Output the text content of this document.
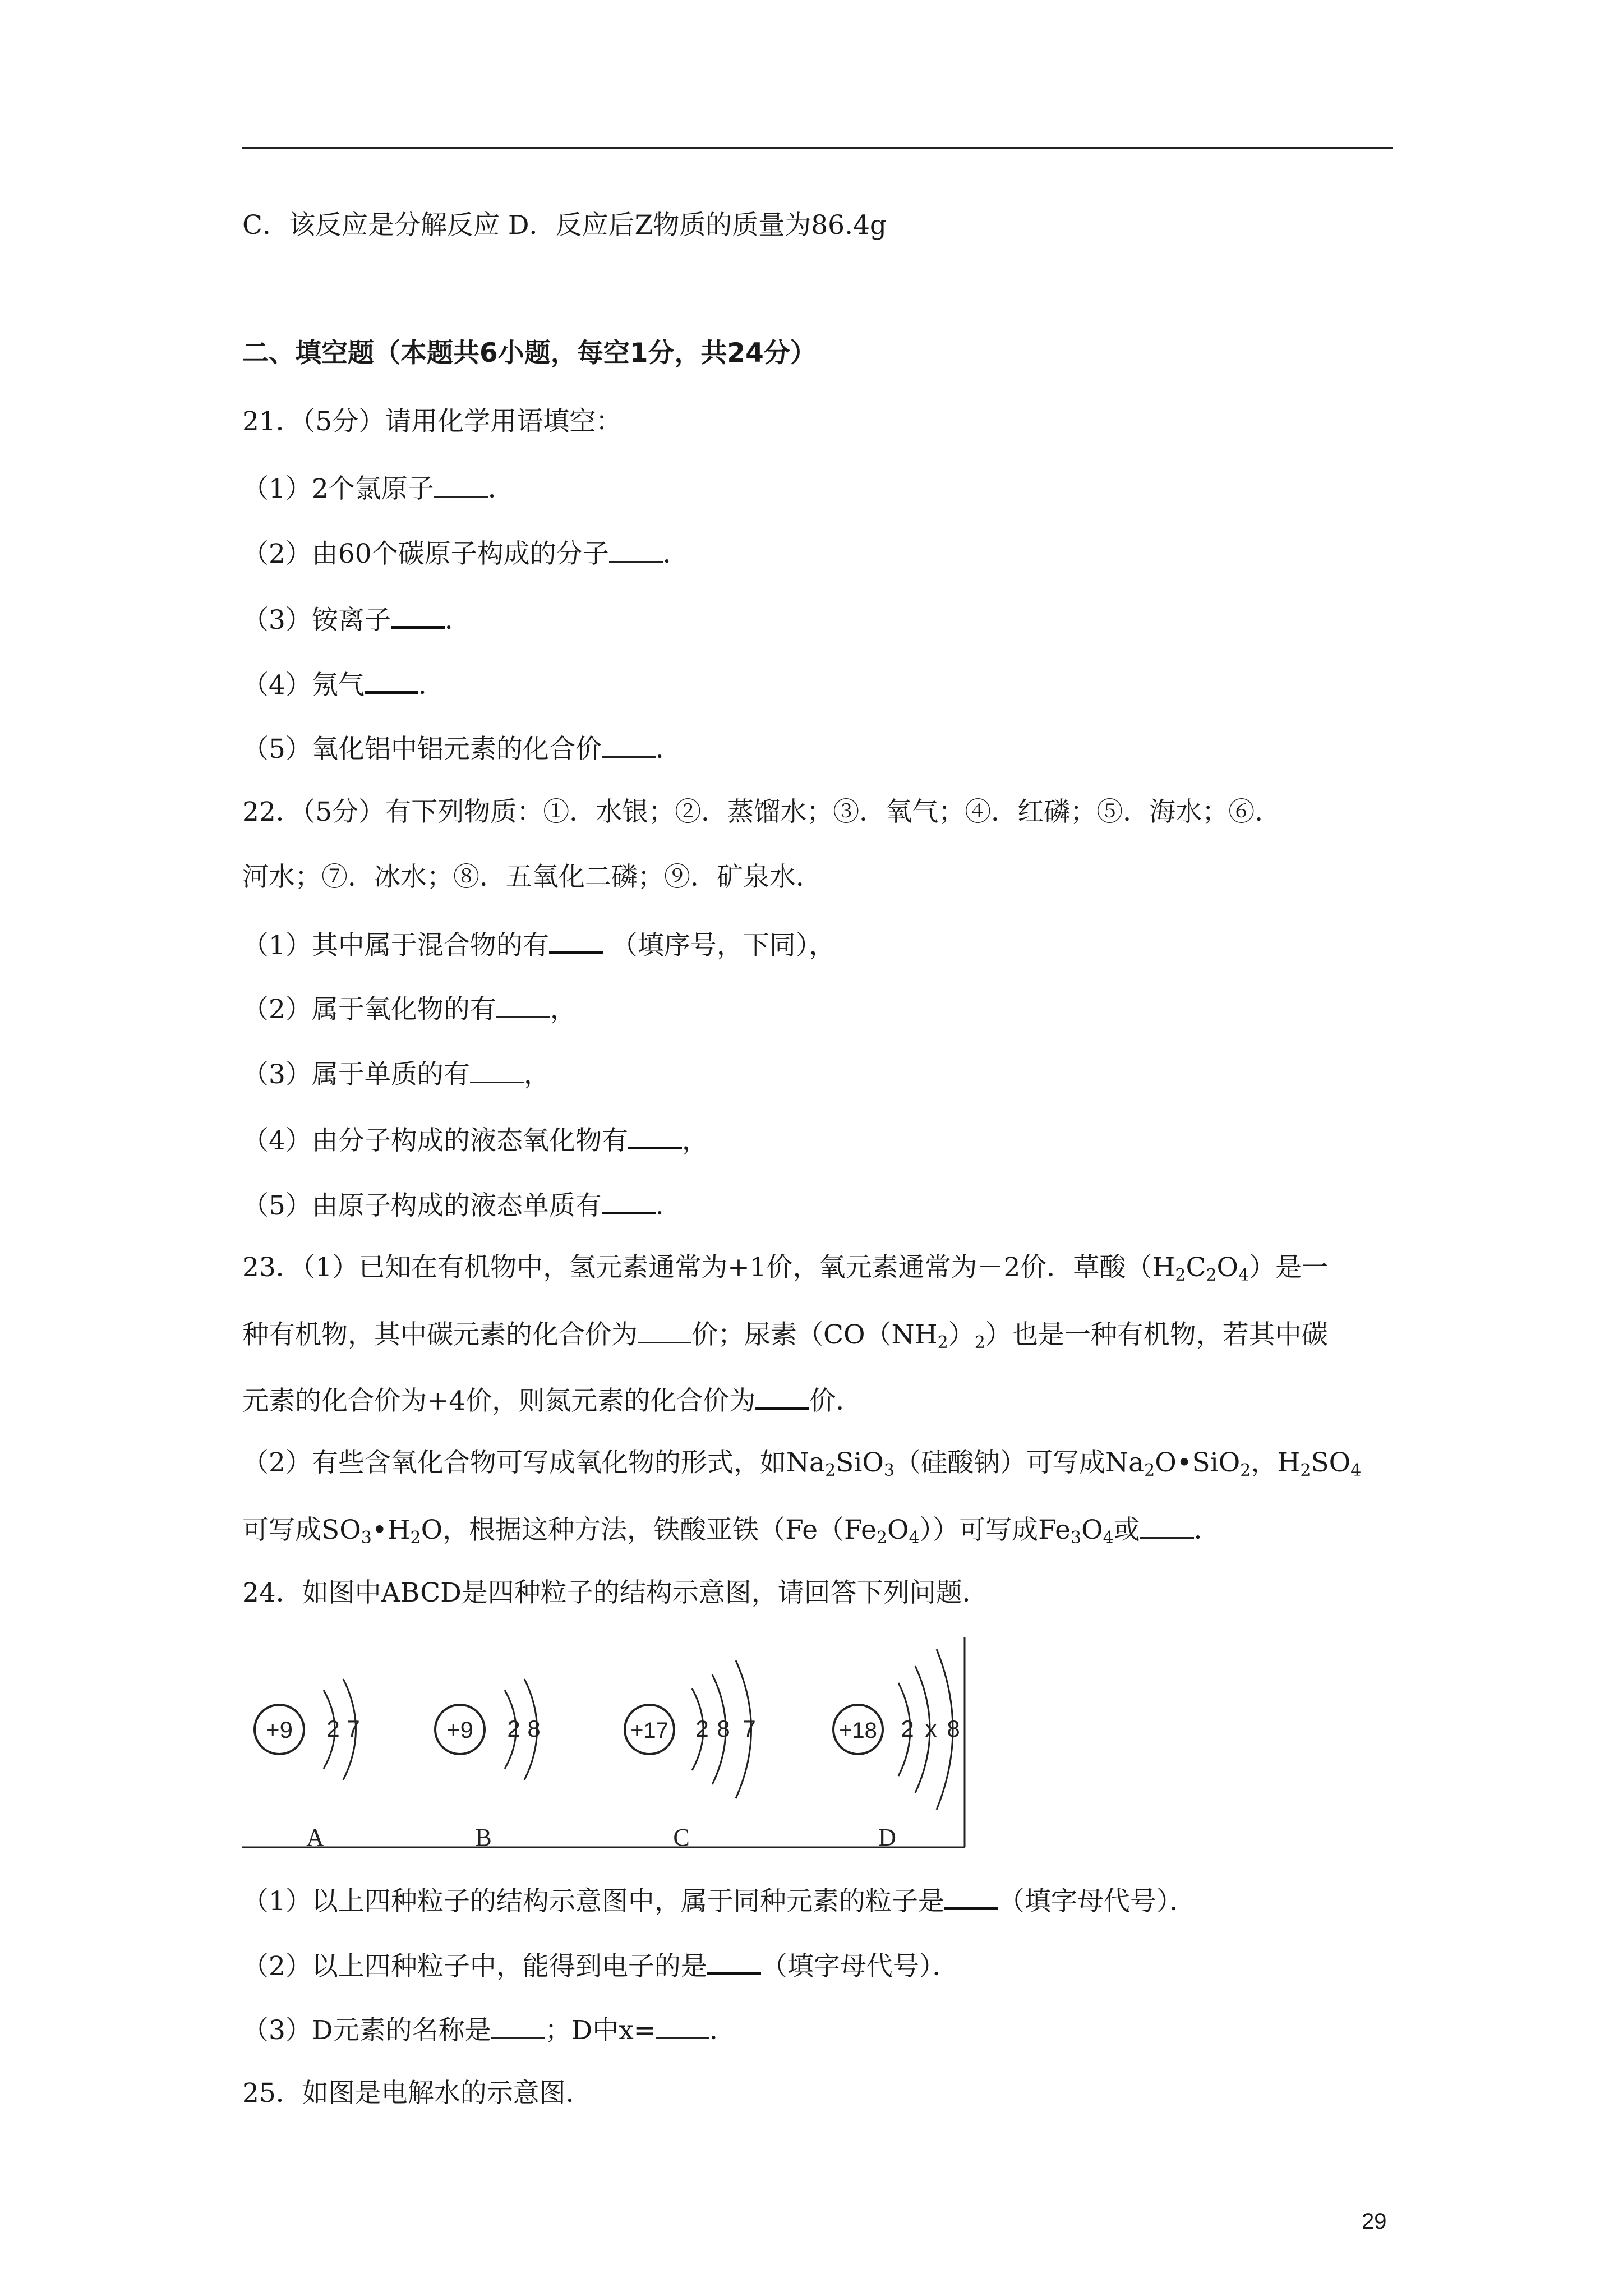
C．该反应是分解反应 D．反应后Z物质的质量为86.4g
二、填空题（本题共6小题，每空1分，共24分）
21．（5分）请用化学用语填空：
（1）2个氯原子 ．
（2）由60个碳原子构成的分子 ．
（3）铵离子 ．
（4）氖气 ．
（5）氧化铝中铝元素的化合价 ．
22．（5分）有下列物质：①．水银；②．蒸馏水；③．氧气；④．红磷；⑤．海水；⑥．
河水；⑦．冰水；⑧．五氧化二磷；⑨．矿泉水．
（1）其中属于混合物的有 （填序号，下同），
（2）属于氧化物的有 ，
（3）属于单质的有 ，
（4）由分子构成的液态氧化物有 ，
（5）由原子构成的液态单质有 ．
23．（1）已知在有机物中，氢元素通常为+1价，氧元素通常为－2价．草酸$(H_2C_2O_4)$是一
种有机物，其中碳元素的化合价为 价；尿素$(CO(NH_2)_2)$也是一种有机物，若其中碳
元素的化合价为+4价，则氮元素的化合价为 价．
（2）有些含氧化合物可写成氧化物的形式，如$Na_2SiO_3$（硅酸钠）可写成$Na_2O•SiO_2$，$H_2SO_4$
可写成$SO_3•H_2O$，根据这种方法，铁酸亚铁$(Fe(Fe_2O_4))$可写成$Fe_3O_4$或 ．
24．如图中ABCD是四种粒子的结构示意图，请回答下列问题．
+9 2 7
A
+9 2 8
B
+17 2 8 7
C
+18 2 x 8
D
（1）以上四种粒子的结构示意图中，属于同种元素的粒子是 （填字母代号）．
（2）以上四种粒子中，能得到电子的是 （填字母代号）．
（3）D元素的名称是 ；D中x= ．
25．如图是电解水的示意图．
29
